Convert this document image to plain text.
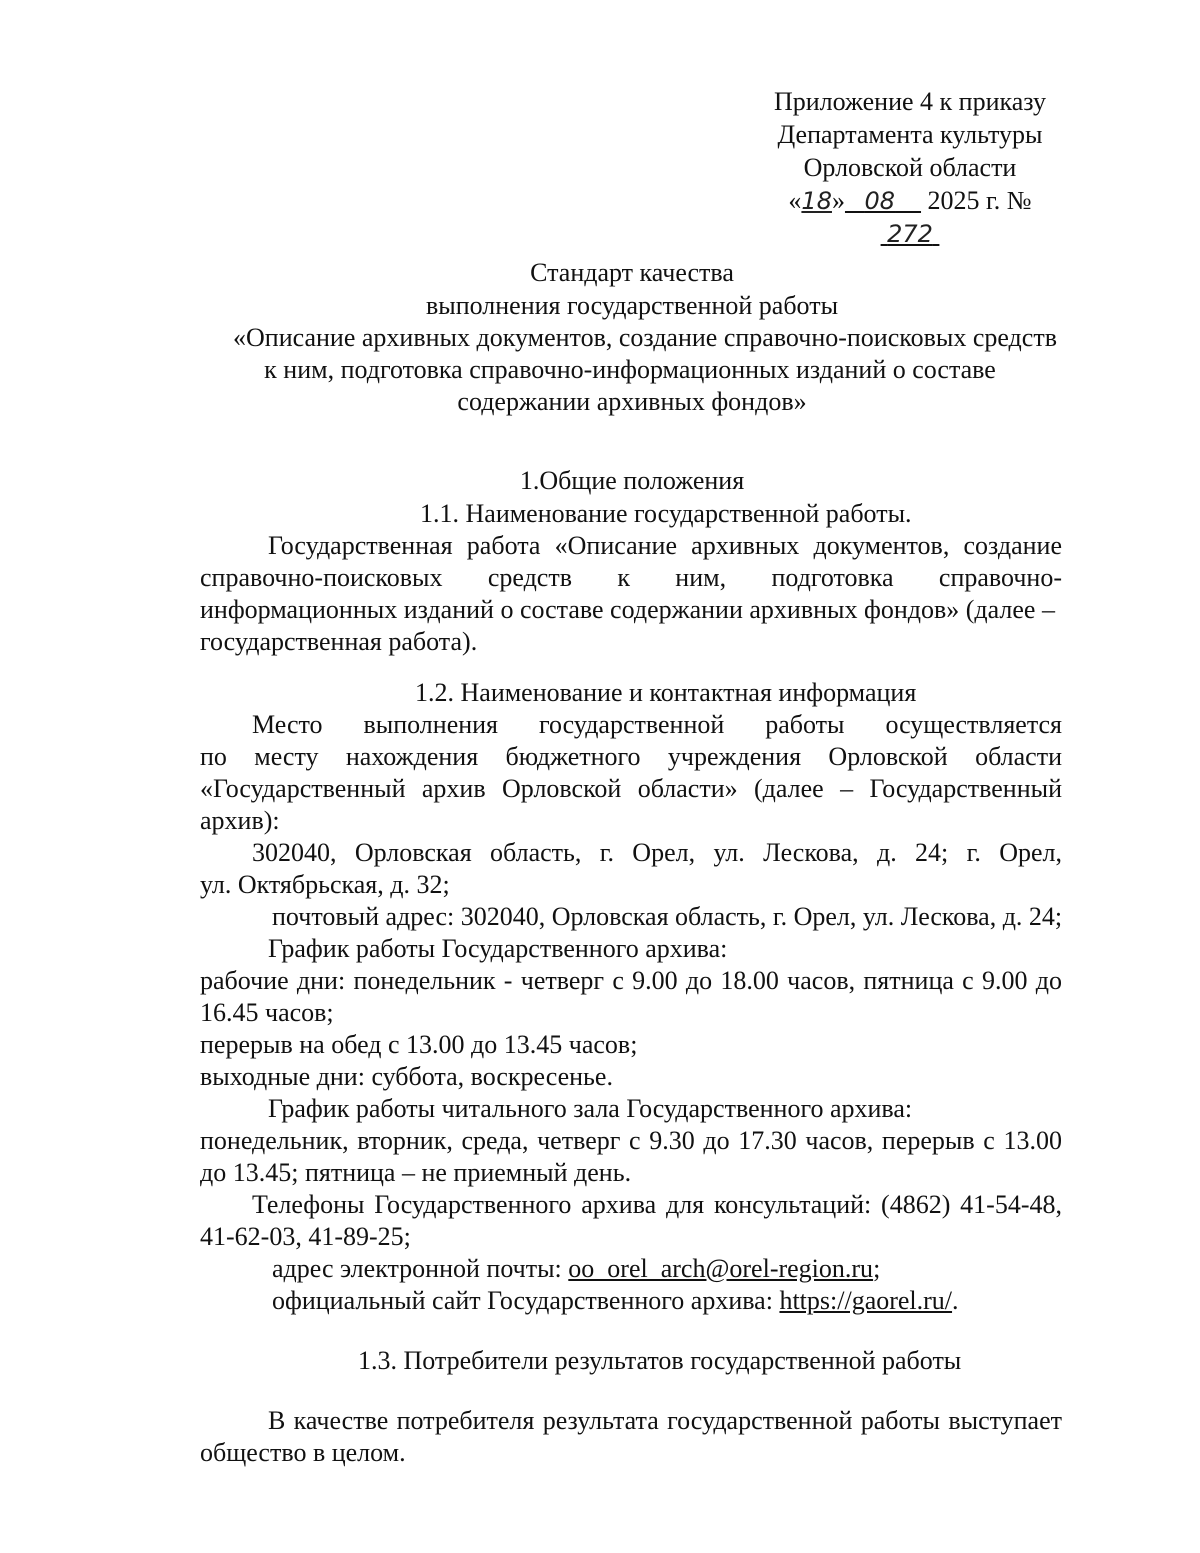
Приложение 4 к приказу
Департамента культуры
Орловской области
«18» 08 2025 г. №  272
Стандарт качества
выполнения государственной работы
«Описание архивных документов, создание справочно-поисковых средств
к ним, подготовка справочно-информационных изданий о составе
содержании архивных фондов»
1.Общие положения
1.1. Наименование государственной работы.
Государственная работа «Описание архивных документов, создание
справочно-поисковых средств к ним, подготовка справочно-
информационных изданий о составе содержании архивных фондов» (далее –
государственная работа).
1.2. Наименование и контактная информация
Место выполнения государственной работы осуществляется
по месту нахождения бюджетного учреждения Орловской области
«Государственный архив Орловской области» (далее – Государственный
архив):
302040, Орловская область, г. Орел, ул. Лескова, д. 24; г. Орел,
ул. Октябрьская, д. 32;
почтовый адрес: 302040, Орловская область, г. Орел, ул. Лескова, д. 24;
График работы Государственного архива:
рабочие дни: понедельник - четверг с 9.00 до 18.00 часов, пятница с 9.00 до
16.45 часов;
перерыв на обед с 13.00 до 13.45 часов;
выходные дни: суббота, воскресенье.
График работы читального зала Государственного архива:
понедельник, вторник, среда, четверг с 9.30 до 17.30 часов, перерыв с 13.00
до 13.45; пятница – не приемный день.
Телефоны Государственного архива для консультаций: (4862) 41-54-48,
41-62-03, 41-89-25;
адрес электронной почты: oo_orel_arch@orel-region.ru;
официальный сайт Государственного архива: https://gaorel.ru/.
1.3. Потребители результатов государственной работы
В качестве потребителя результата государственной работы выступает
общество в целом.
